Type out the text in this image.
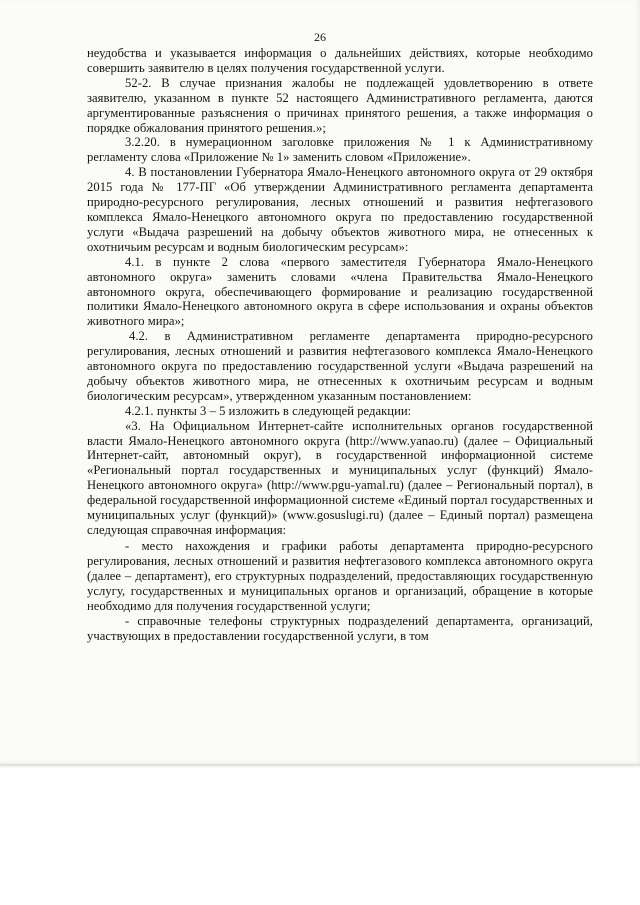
26

неудобства и указывается информация о дальнейших действиях, которые необходимо совершить заявителю в целях получения государственной услуги.

52-2. В случае признания жалобы не подлежащей удовлетворению в ответе заявителю, указанном в пункте 52 настоящего Административного регламента, даются аргументированные разъяснения о причинах принятого решения, а также информация о порядке обжалования принятого решения.»;

3.2.20. в нумерационном заголовке приложения № 1 к Административному регламенту слова «Приложение № 1» заменить словом «Приложение».

4. В постановлении Губернатора Ямало-Ненецкого автономного округа от 29 октября 2015 года № 177-ПГ «Об утверждении Административного регламента департамента природно-ресурсного регулирования, лесных отношений и развития нефтегазового комплекса Ямало-Ненецкого автономного округа по предоставлению государственной услуги «Выдача разрешений на добычу объектов животного мира, не отнесенных к охотничьим ресурсам и водным биологическим ресурсам»:

4.1. в пункте 2 слова «первого заместителя Губернатора Ямало-Ненецкого автономного округа» заменить словами «члена Правительства Ямало-Ненецкого автономного округа, обеспечивающего формирование и реализацию государственной политики Ямало-Ненецкого автономного округа в сфере использования и охраны объектов животного мира»;

4.2. в Административном регламенте департамента природно-ресурсного регулирования, лесных отношений и развития нефтегазового комплекса Ямало-Ненецкого автономного округа по предоставлению государственной услуги «Выдача разрешений на добычу объектов животного мира, не отнесенных к охотничьим ресурсам и водным биологическим ресурсам», утвержденном указанным постановлением:

4.2.1. пункты 3 – 5 изложить в следующей редакции:

«3. На Официальном Интернет-сайте исполнительных органов государственной власти Ямало-Ненецкого автономного округа (http://www.yanao.ru) (далее – Официальный Интернет-сайт, автономный округ), в государственной информационной системе «Региональный портал государственных и муниципальных услуг (функций) Ямало-Ненецкого автономного округа» (http://www.pgu-yamal.ru) (далее – Региональный портал), в федеральной государственной информационной системе «Единый портал государственных и муниципальных услуг (функций)» (www.gosuslugi.ru) (далее – Единый портал) размещена следующая справочная информация:

- место нахождения и графики работы департамента природно-ресурсного регулирования, лесных отношений и развития нефтегазового комплекса автономного округа (далее – департамент), его структурных подразделений, предоставляющих государственную услугу, государственных и муниципальных органов и организаций, обращение в которые необходимо для получения государственной услуги;

- справочные телефоны структурных подразделений департамента, организаций, участвующих в предоставлении государственной услуги, в том
